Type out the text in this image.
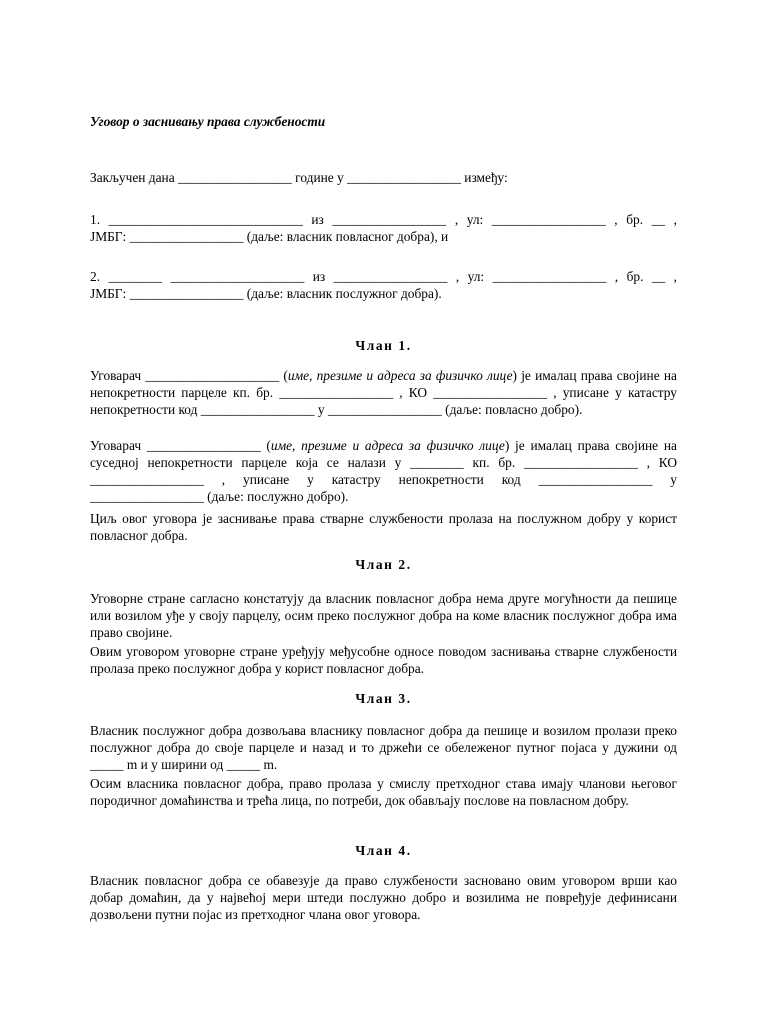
Уговор о заснивању права службености

Закључен дана _________________ године у _________________ између:

1. _____________________________ из _________________ , ул: _________________ , бр. __ ,
ЈМБГ: _________________ (даље: власник повласног добра), и
2. ________ ____________________ из _________________ , ул: _________________ , бр. __ ,
ЈМБГ: _________________ (даље: власник послужног добра).

Члан 1.

Уговарач ____________________ (име, презиме и адреса за физичко лице) је ималац права својине на непокретности парцеле кп. бр. _________________ , КО _________________ , уписане у катастру непокретности код _________________ у _________________ (даље: повласно добро).

Уговарач _________________ (име, презиме и адреса за физичко лице) је ималац права својине на суседној непокретности парцеле која се налази у ________ кп. бр. _________________ , КО _________________ , уписане у катастру непокретности код _________________ у _________________ (даље: послужно добро).

Циљ овог уговора је заснивање права стварне службености пролаза на послужном добру у корист повласног добра.

Члан 2.

Уговорне стране сагласно констатују да власник повласног добра нема друге могућности да пешице или возилом уђе у своју парцелу, осим преко послужног добра на коме власник послужног добра има право својине.

Овим уговором уговорне стране уређују међусобне односе поводом заснивања стварне службености пролаза преко послужног добра у корист повласног добра.

Члан 3.

Власник послужног добра дозвољава власнику повласног добра да пешице и возилом пролази преко послужног добра до своје парцеле и назад и то држећи се обележеног путног појаса у дужини од _____ m и у ширини од _____ m.

Осим власника повласног добра, право пролаза у смислу претходног става имају чланови његовог породичног домаћинства и трећа лица, по потреби, док обављају послове на повласном добру.

Члан 4.

Власник повласног добра се обавезује да право службености засновано овим уговором врши као добар домаћин, да у највећој мери штеди послужно добро и возилима не повређује дефинисани дозвољени путни појас из претходног члана овог уговора.
